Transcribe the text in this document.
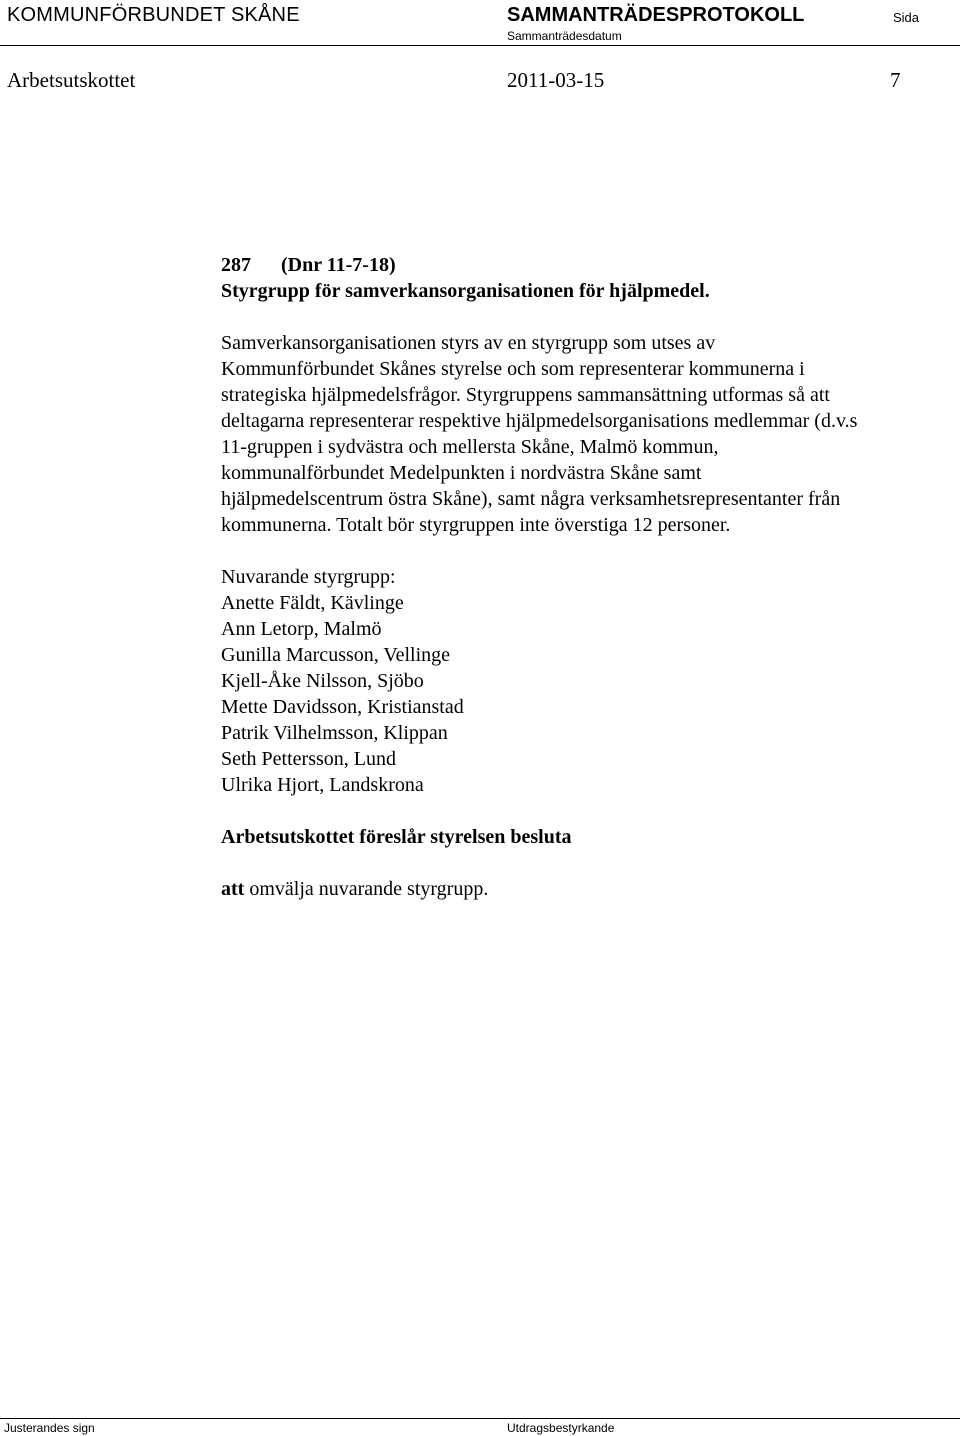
KOMMUNFÖRBUNDET SKÅNE	SAMMANTRÄDESPROTOKOLL	Sida
Sammanträdesdatum
Arbetsutskottet	2011-03-15	7

287 (Dnr 11-7-18)

Styrgrupp för samverkansorganisationen för hjälpmedel.

Samverkansorganisationen styrs av en styrgrupp som utses av

Kommunförbundet Skånes styrelse och som representerar kommunerna i

strategiska hjälpmedelsfrågor. Styrgruppens sammansättning utformas så att

deltagarna representerar respektive hjälpmedelsorganisations medlemmar (d.v.s

11-gruppen i sydvästra och mellersta Skåne, Malmö kommun,

kommunalförbundet Medelpunkten i nordvästra Skåne samt

hjälpmedelscentrum östra Skåne), samt några verksamhetsrepresentanter från

kommunerna. Totalt bör styrgruppen inte överstiga 12 personer.

Nuvarande styrgrupp:

Anette Fäldt, Kävlinge

Ann Letorp, Malmö

Gunilla Marcusson, Vellinge

Kjell-Åke Nilsson, Sjöbo

Mette Davidsson, Kristianstad

Patrik Vilhelmsson, Klippan

Seth Pettersson, Lund

Ulrika Hjort, Landskrona

Arbetsutskottet föreslår styrelsen besluta

att omvälja nuvarande styrgrupp.

Justerandes sign	Utdragsbestyrkande
